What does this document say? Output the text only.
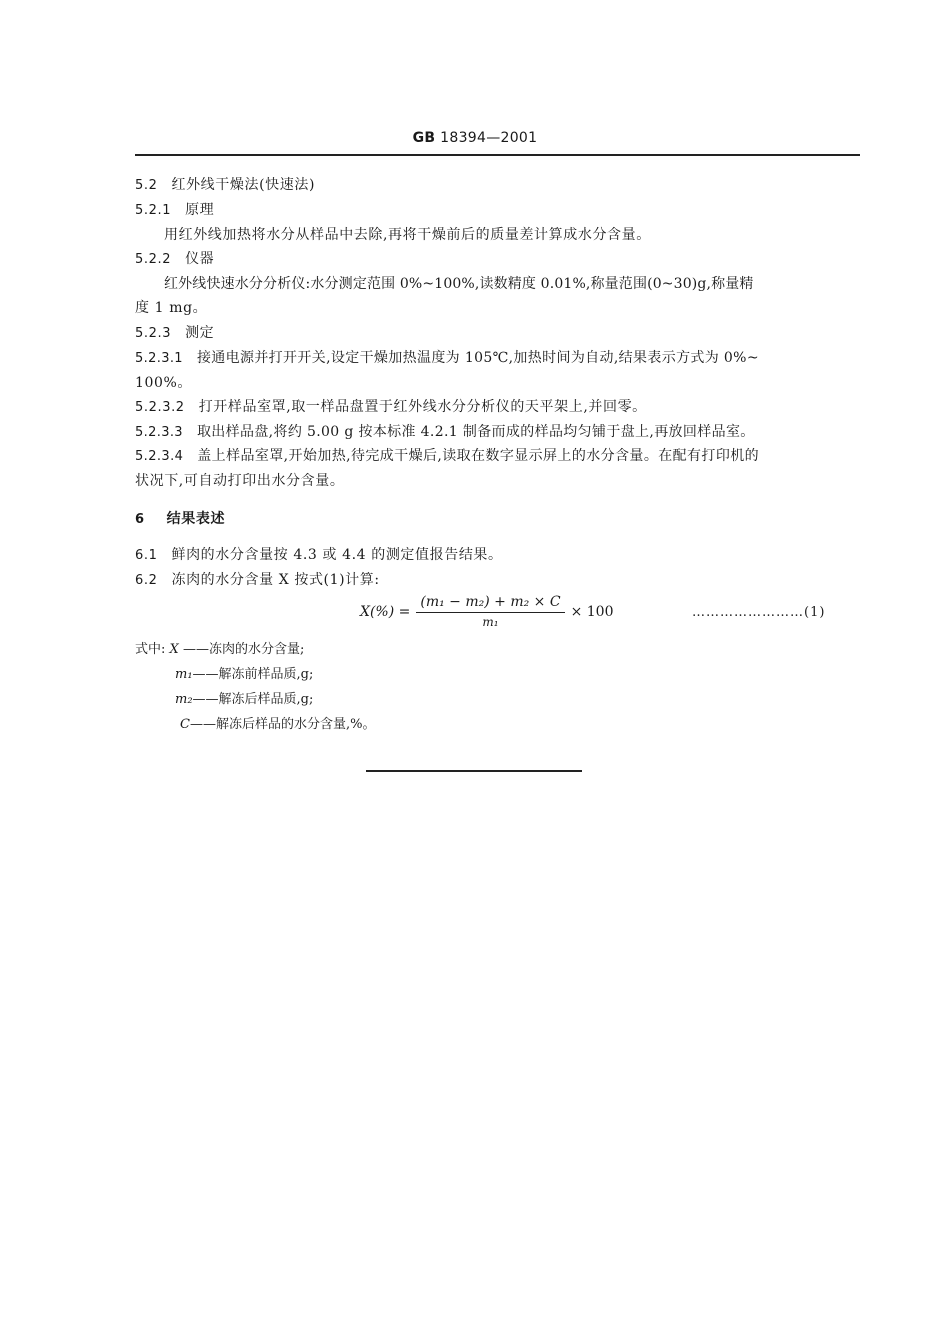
GB 18394—2001
5.2 红外线干燥法(快速法)
5.2.1 原理
用红外线加热将水分从样品中去除,再将干燥前后的质量差计算成水分含量。
5.2.2 仪器
红外线快速水分分析仪:水分测定范围 0%~100%,读数精度 0.01%,称量范围(0~30)g,称量精
度 1 mg。
5.2.3 测定
5.2.3.1 接通电源并打开开关,设定干燥加热温度为 105℃,加热时间为自动,结果表示方式为 0%~
100%。
5.2.3.2 打开样品室罩,取一样品盘置于红外线水分分析仪的天平架上,并回零。
5.2.3.3 取出样品盘,将约 5.00 g 按本标准 4.2.1 制备而成的样品均匀铺于盘上,再放回样品室。
5.2.3.4 盖上样品室罩,开始加热,待完成干燥后,读取在数字显示屏上的水分含量。在配有打印机的
状况下,可自动打印出水分含量。
6 结果表述
6.1 鲜肉的水分含量按 4.3 或 4.4 的测定值报告结果。
6.2 冻肉的水分含量 X 按式(1)计算:
$X(\%) = \frac{\text{(m₁ − m₂) + m₂ × C}}{\text{m₁}} \times 100$	……………………(1)
式中: X ——冻肉的水分含量;
m₁——解冻前样品质,g;
m₂——解冻后样品质,g;
C——解冻后样品的水分含量,%。
